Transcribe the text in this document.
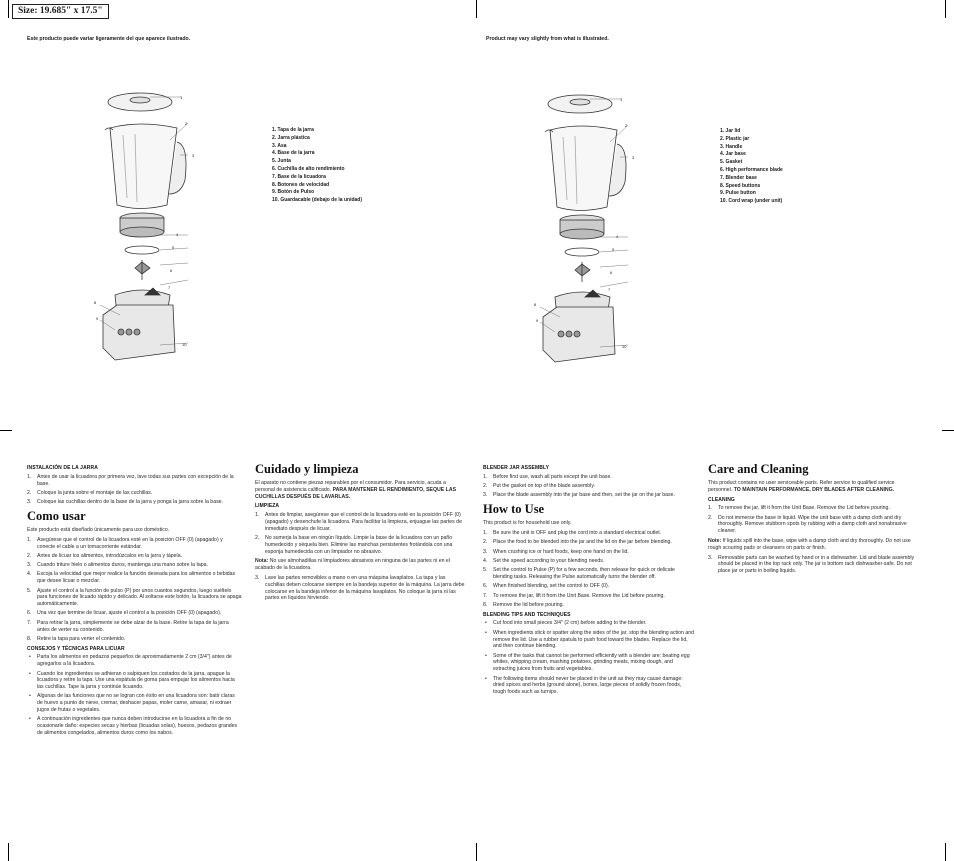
Size: 19.685" x 17.5"
Este producto puede variar ligeramente del que aparece ilustrado.	Product may vary slightly from what is illustrated.
1
2
3
4
5
6
7
8
9
10
1. Tapa de la jarra
2. Jarra plástica
3. Asa
4. Base de la jarra
5. Junta
6. Cuchilla de alto rendimiento
7. Base de la licuadora
8. Botones de velocidad
9. Botón de Pulso
10. Guardacable (debajo de la unidad)
1
2
3
4
5
6
7
8
9
10
1. Jar lid
2. Plastic jar
3. Handle
4. Jar base
5. Gasket
6. High performance blade
7. Blender base
8. Speed buttons
9. Pulse button
10. Cord wrap (under unit)
INSTALACIÓN DE LA JARRA
1. Antes de usar la licuadora por primera vez, lave todas sus partes con excepción de la base.
2. Coloque la junta sobre el montaje de las cuchillas.
3. Coloque las cuchillas dentro de la base de la jarra y ponga la jarra sobre la base.
Como usar

Este producto está diseñado únicamente para uso doméstico.

1. Asegúrese que el control de la licuadora esté en la posición OFF (0) (apagado) y conecte el cable a un tomacorriente estándar.
2. Antes de licuar los alimentos, introdúzcalos en la jarra y tápela.
3. Cuando triture hielo o alimentos duros, mantenga una mano sobre la tapa.
4. Escoja la velocidad que mejor realice la función deseada para los alimentos o bebidas que desee licuar o mezclar.
5. Ajuste el control a la función de pulso (P) por unos cuantos segundos, luego suéltelo para funciones de licuado rápido y delicado. Al soltarse este botón, la licuadora se apaga automáticamente.
6. Una vez que termine de licuar, ajuste el control a la posición OFF (0) (apagado).
7. Para retirar la jarra, simplemente se debe alzar de la base. Retire la tapa de la jarra antes de verter su contenido.
8. Retire la tapa para verter el contenido.
CONSEJOS Y TÉCNICAS PARA LICUAR
• Parta los alimentos en pedazos pequeños de aproximadamente 2 cm (3/4") antes de agregarlos a la licuadora.
• Cuando los ingredientes se adhieran o salpiquen los costados de la jarra, apague la licuadora y retire la tapa. Use una espátula de goma para empujar los alimentos hacia las cuchillas. Tape la jarra y continúe licuando.
• Algunas de las funciones que no se logran con éxito en una licuadora son: batir claras de huevo a punto de nieve, cremar, deshacer papas, moler carne, amasar, ni extraer jugos de frutas o vegetales.
• A continuación ingredientes que nunca deben introducirse en la licuadora a fin de no ocasionarle daño: especies secas y hierbas (licuadas solas), huesos, pedazos grandes de alimentos congelados, alimentos duros como los nabos.
Cuidado y limpieza

El aparato no contiene piezas reparables por el consumidor. Para servicio, acuda a personal de asistencia calificado. PARA MANTENER EL RENDIMIENTO, SEQUE LAS CUCHILLAS DESPUÉS DE LAVARLAS.

LIMPIEZA
1. Antes de limpiar, asegúrese que el control de la licuadora esté en la posición OFF (0) (apagado) y desenchufe la licuadora. Para facilitar la limpieza, enjuague las partes de inmediato después de licuar.
2. No sumerja la base en ningún líquido. Limpie la base de la licuadora con un paño humedecido y séquela bien. Elimine las manchas persistentes frotándola con una esponja humedecida con un limpiador no abrasivo.

Nota: No use almohadillas ni limpiadores abrasivos en ninguna de las partes ni en el acabado de la licuadora.

3. Lave las partes removibles a mano o en una máquina lavaplatos. La tapa y las cuchillas deben colocarse siempre en la bandeja superior de la máquina. La jarra debe colocarse en la bandeja inferior de la máquina lavaplatos. No coloque la jarra ni las partes en líquidos hirviendo.
BLENDER JAR ASSEMBLY
1. Before first use, wash all parts except the unit base.
2. Put the gasket on top of the blade assembly.
3. Place the blade assembly into the jar base and then, set the jar on the jar base.
How to Use

This product is for household use only.

1. Be sure the unit is OFF and plug the cord into a standard electrical outlet.
2. Place the food to be blended into the jar and the lid on the jar before blending.
3. When crushing ice or hard foods, keep one hand on the lid.
4. Set the speed according to your blending needs.
5. Set the control to Pulse (P) for a few seconds, then release for quick or delicate blending tasks. Releasing the Pulse automatically turns the blender off.
6. When finished blending, set the control to OFF (0).
7. To remove the jar, lift it from the Unit Base. Remove the Lid before pouring.
8. Remove the lid before pouring.
BLENDING TIPS AND TECHNIQUES
• Cut food into small pieces 3/4" (2 cm) before adding to the blender.
• When ingredients stick or spatter along the sides of the jar, stop the blending action and remove the lid. Use a rubber spatula to push food toward the blades. Replace the lid, and then continue blending.
• Some of the tasks that cannot be performed efficiently with a blender are: beating egg whites, whipping cream, mashing potatoes, grinding meats, mixing dough, and extracting juices from fruits and vegetables.
• The following items should never be placed in the unit as they may cause damage: dried spices and herbs (ground alone), bones, large pieces of solidly frozen foods, tough foods such as turnips.
Care and Cleaning

This product contains no user serviceable parts. Refer service to qualified service personnel. TO MAINTAIN PERFORMANCE, DRY BLADES AFTER CLEANING.

CLEANING
1. To remove the jar, lift it from the Unit Base. Remove the Lid before pouring.
2. Do not immerse the base in liquid. Wipe the unit base with a damp cloth and dry thoroughly. Remove stubborn spots by rubbing with a damp cloth and nonabrasive cleaner.

Note: If liquids spill into the base, wipe with a damp cloth and dry thoroughly. Do not use rough scouring pads or cleansers on parts or finish.

3. Removable parts can be washed by hand or in a dishwasher. Lid and blade assembly should be placed in the top rack only. The jar is bottom rack dishwasher-safe. Do not place jar or parts in boiling liquids.
